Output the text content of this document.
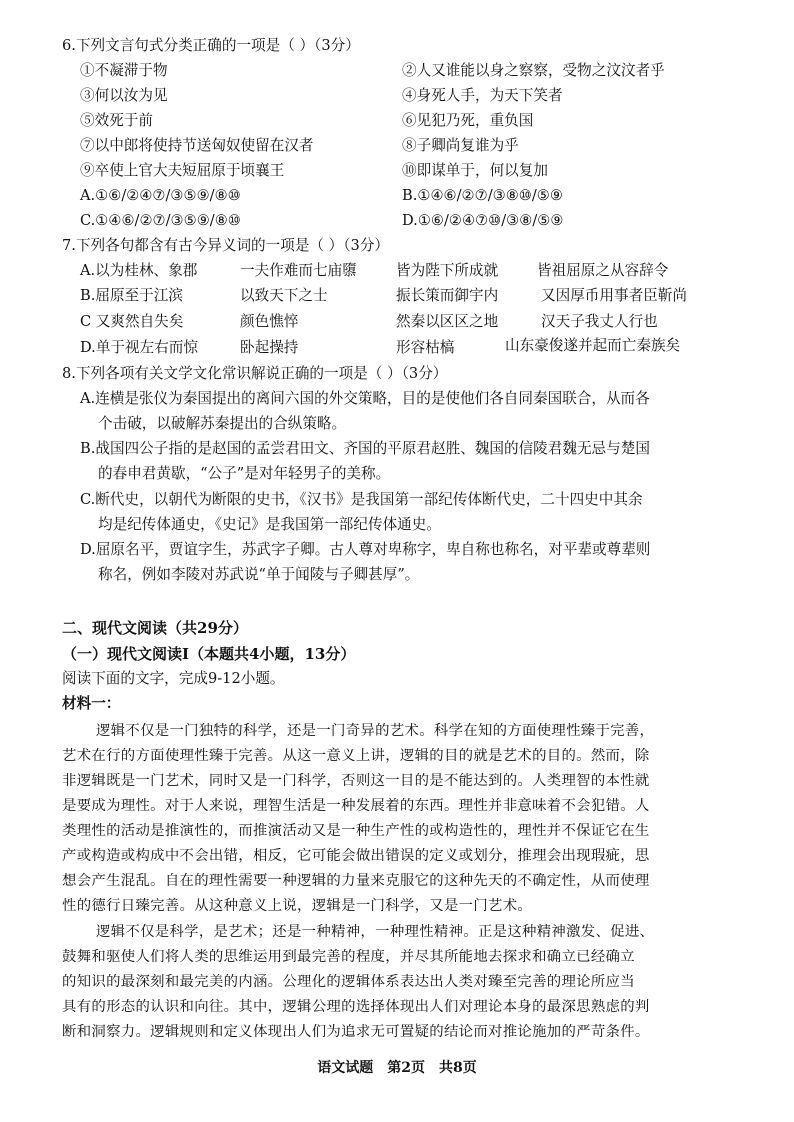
6.下列文言句式分类正确的一项是（ ）（3分）
①不凝滞于物	②人又谁能以身之察察，受物之汶汶者乎
③何以汝为见	④身死人手，为天下笑者
⑤效死于前	⑥见犯乃死，重负国
⑦以中郎将使持节送匈奴使留在汉者	⑧子卿尚复谁为乎
⑨卒使上官大夫短屈原于顷襄王	⑩即谋单于，何以复加
A.①⑥/②④⑦/③⑤⑨/⑧⑩	B.①④⑥/②⑦/③⑧⑩/⑤⑨
C.①④⑥/②⑦/③⑤⑨/⑧⑩	D.①⑥/②④⑦⑩/③⑧/⑤⑨
7.下列各句都含有古今异义词的一项是（ ）（3分）
A.以为桂林、象郡	一夫作难而七庙隳	皆为陛下所成就	皆祖屈原之从容辞令
B.屈原至于江滨	以致天下之士	振长策而御宇内	又因厚币用事者臣靳尚
C 又爽然自失矣	颜色憔悴	然秦以区区之地	汉天子我丈人行也
D.单于视左右而惊	卧起操持	形容枯槁	山东豪俊遂并起而亡秦族矣
8.下列各项有关文学文化常识解说正确的一项是（ ）（3分）
A.连横是张仪为秦国提出的离间六国的外交策略，目的是使他们各自同秦国联合，从而各
个击破，以破解苏秦提出的合纵策略。
B.战国四公子指的是赵国的孟尝君田文、齐国的平原君赵胜、魏国的信陵君魏无忌与楚国
的春申君黄歇，“公子”是对年轻男子的美称。
C.断代史，以朝代为断限的史书，《汉书》是我国第一部纪传体断代史，二十四史中其余
均是纪传体通史，《史记》是我国第一部纪传体通史。
D.屈原名平，贾谊字生，苏武字子卿。古人尊对卑称字，卑自称也称名，对平辈或尊辈则
称名，例如李陵对苏武说“单于闻陵与子卿甚厚”。
二、现代文阅读（共29分）
（一）现代文阅读Ⅰ（本题共4小题，13分）
阅读下面的文字，完成9-12小题。
材料一：
逻辑不仅是一门独特的科学，还是一门奇异的艺术。科学在知的方面使理性臻于完善，
艺术在行的方面使理性臻于完善。从这一意义上讲，逻辑的目的就是艺术的目的。然而，除
非逻辑既是一门艺术，同时又是一门科学，否则这一目的是不能达到的。人类理智的本性就
是要成为理性。对于人来说，理智生活是一种发展着的东西。理性并非意味着不会犯错。人
类理性的活动是推演性的，而推演活动又是一种生产性的或构造性的，理性并不保证它在生
产或构造或构成中不会出错，相反，它可能会做出错误的定义或划分，推理会出现瑕疵，思
想会产生混乱。自在的理性需要一种逻辑的力量来克服它的这种先天的不确定性，从而使理
性的德行日臻完善。从这种意义上说，逻辑是一门科学，又是一门艺术。
逻辑不仅是科学，是艺术；还是一种精神，一种理性精神。正是这种精神激发、促进、
鼓舞和驱使人们将人类的思维运用到最完善的程度，并尽其所能地去探求和确立已经确立
的知识的最深刻和最完美的内涵。公理化的逻辑体系表达出人类对臻至完善的理论所应当
具有的形态的认识和向往。其中，逻辑公理的选择体现出人们对理论本身的最深思熟虑的判
断和洞察力。逻辑规则和定义体现出人们为追求无可置疑的结论而对推论施加的严苛条件。
语文试题　第2页　共8页
